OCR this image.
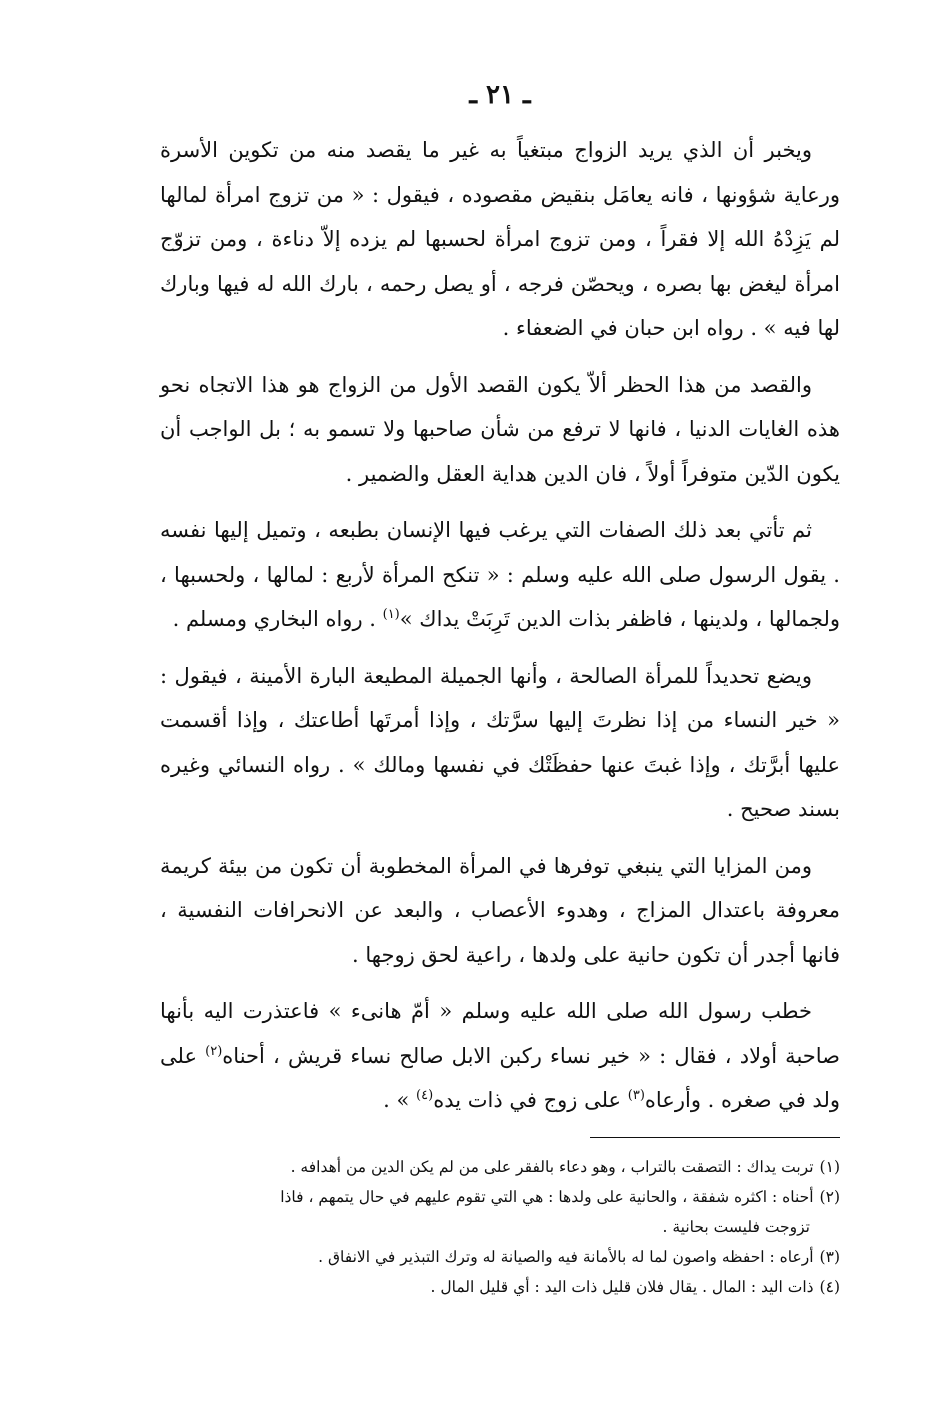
ـ ٢١ ـ

ويخبر أن الذي يريد الزواج مبتغياً به غير ما يقصد منه من تكوين الأسرة ورعاية شؤونها ، فانه يعامَل بنقيض مقصوده ، فيقول : « من تزوج امرأة لمالها لم يَزِدْهُ الله إلا فقراً ، ومن تزوج امرأة لحسبها لم يزده إلاّ دناءة ، ومن تزوّج امرأة ليغض بها بصره ، ويحصّن فرجه ، أو يصل رحمه ، بارك الله له فيها وبارك لها فيه » . رواه ابن حبان في الضعفاء .

والقصد من هذا الحظر ألاّ يكون القصد الأول من الزواج هو هذا الاتجاه نحو هذه الغايات الدنيا ، فانها لا ترفع من شأن صاحبها ولا تسمو به ؛ بل الواجب أن يكون الدّين متوفراً أولاً ، فان الدين هداية العقل والضمير .

ثم تأتي بعد ذلك الصفات التي يرغب فيها الإنسان بطبعه ، وتميل إليها نفسه . يقول الرسول صلى الله عليه وسلم : « تنكح المرأة لأربع : لمالها ، ولحسبها ، ولجمالها ، ولدينها ، فاظفر بذات الدين تَرِبَتْ يداك »$^{(١)}$ . رواه البخاري ومسلم .

ويضع تحديداً للمرأة الصالحة ، وأنها الجميلة المطيعة البارة الأمينة ، فيقول : « خير النساء من إذا نظرتَ إليها سرَّتك ، وإذا أمرتَها أطاعتك ، وإذا أقسمت عليها أبرَّتك ، وإذا غبتَ عنها حفظَتْك في نفسها ومالك » . رواه النسائي وغيره بسند صحيح .

ومن المزايا التي ينبغي توفرها في المرأة المخطوبة أن تكون من بيئة كريمة معروفة باعتدال المزاج ، وهدوء الأعصاب ، والبعد عن الانحرافات النفسية ، فانها أجدر أن تكون حانية على ولدها ، راعية لحق زوجها .

خطب رسول الله صلى الله عليه وسلم « أمّ هانىء » فاعتذرت اليه بأنها صاحبة أولاد ، فقال : « خير نساء ركبن الابل صالح نساء قريش ، أحناه$^{(٢)}$ على ولد في صغره . وأرعاه$^{(٣)}$ على زوج في ذات يده$^{(٤)}$ » .

(١)تربت يداك : التصقت بالتراب ، وهو دعاء بالفقر على من لم يكن الدين من أهدافه .

(٢)أحناه : اكثره شفقة ، والحانية على ولدها : هي التي تقوم عليهم في حال يتمهم ، فاذا

تزوجت فليست بحانية .

(٣)أرعاه : احفظه واصون لما له بالأمانة فيه والصيانة له وترك التبذير في الانفاق .

(٤)ذات اليد : المال . يقال فلان قليل ذات اليد : أي قليل المال .
